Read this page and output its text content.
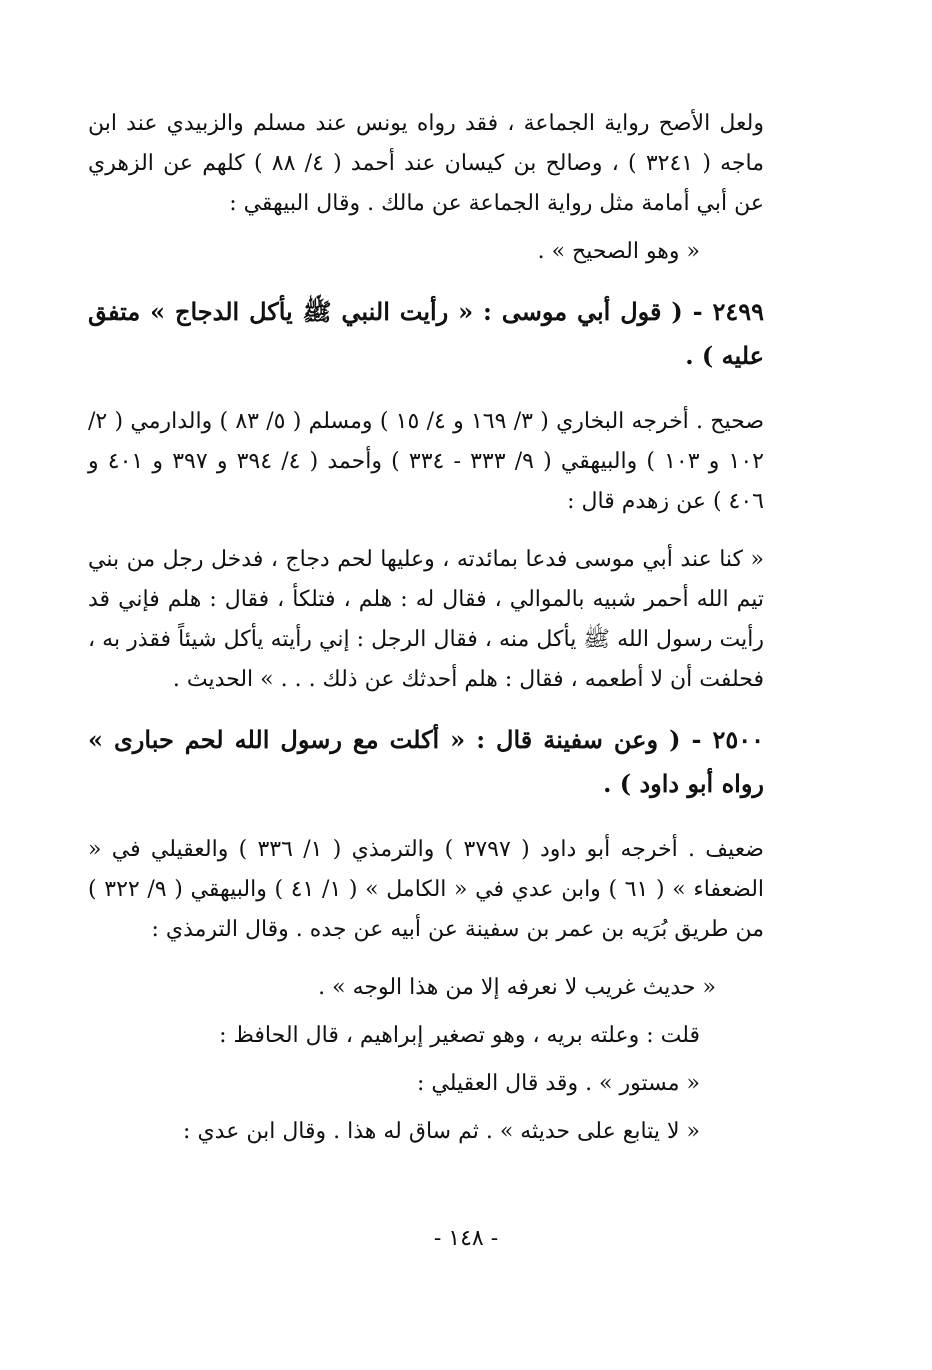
ولعل الأصح رواية الجماعة ، فقد رواه يونس عند مسلم والزبيدي عند ابن ماجه ( ٣٢٤١ ) ، وصالح بن كيسان عند أحمد ( ٤/ ٨٨ ) كلهم عن الزهري عن أبي أمامة مثل رواية الجماعة عن مالك . وقال البيهقي :

« وهو الصحيح » .

٢٤٩٩ - ( قول أبي موسى : « رأيت النبي ﷺ يأكل الدجاج » متفق عليه ) .

صحيح . أخرجه البخاري ( ٣/ ١٦٩ و ٤/ ١٥ ) ومسلم ( ٥/ ٨٣ ) والدارمي ( ٢/ ١٠٢ و ١٠٣ ) والبيهقي ( ٩/ ٣٣٣ - ٣٣٤ ) وأحمد ( ٤/ ٣٩٤ و ٣٩٧ و ٤٠١ و ٤٠٦ ) عن زهدم قال :

« كنا عند أبي موسى فدعا بمائدته ، وعليها لحم دجاج ، فدخل رجل من بني تيم الله أحمر شبيه بالموالي ، فقال له : هلم ، فتلكأ ، فقال : هلم فإني قد رأيت رسول الله ﷺ يأكل منه ، فقال الرجل : إني رأيته يأكل شيئاً فقذر به ، فحلفت أن لا أطعمه ، فقال : هلم أحدثك عن ذلك . . . » الحديث .

٢٥٠٠ - ( وعن سفينة قال : « أكلت مع رسول الله لحم حبارى » رواه أبو داود ) .

ضعيف . أخرجه أبو داود ( ٣٧٩٧ ) والترمذي ( ١/ ٣٣٦ ) والعقيلي في « الضعفاء » ( ٦١ ) وابن عدي في « الكامل » ( ١/ ٤١ ) والبيهقي ( ٩/ ٣٢٢ ) من طريق بُرَيه بن عمر بن سفينة عن أبيه عن جده . وقال الترمذي :

« حديث غريب لا نعرفه إلا من هذا الوجه » .

قلت : وعلته بريه ، وهو تصغير إبراهيم ، قال الحافظ :

« مستور » . وقد قال العقيلي :

« لا يتابع على حديثه » . ثم ساق له هذا . وقال ابن عدي :

- ١٤٨ -
